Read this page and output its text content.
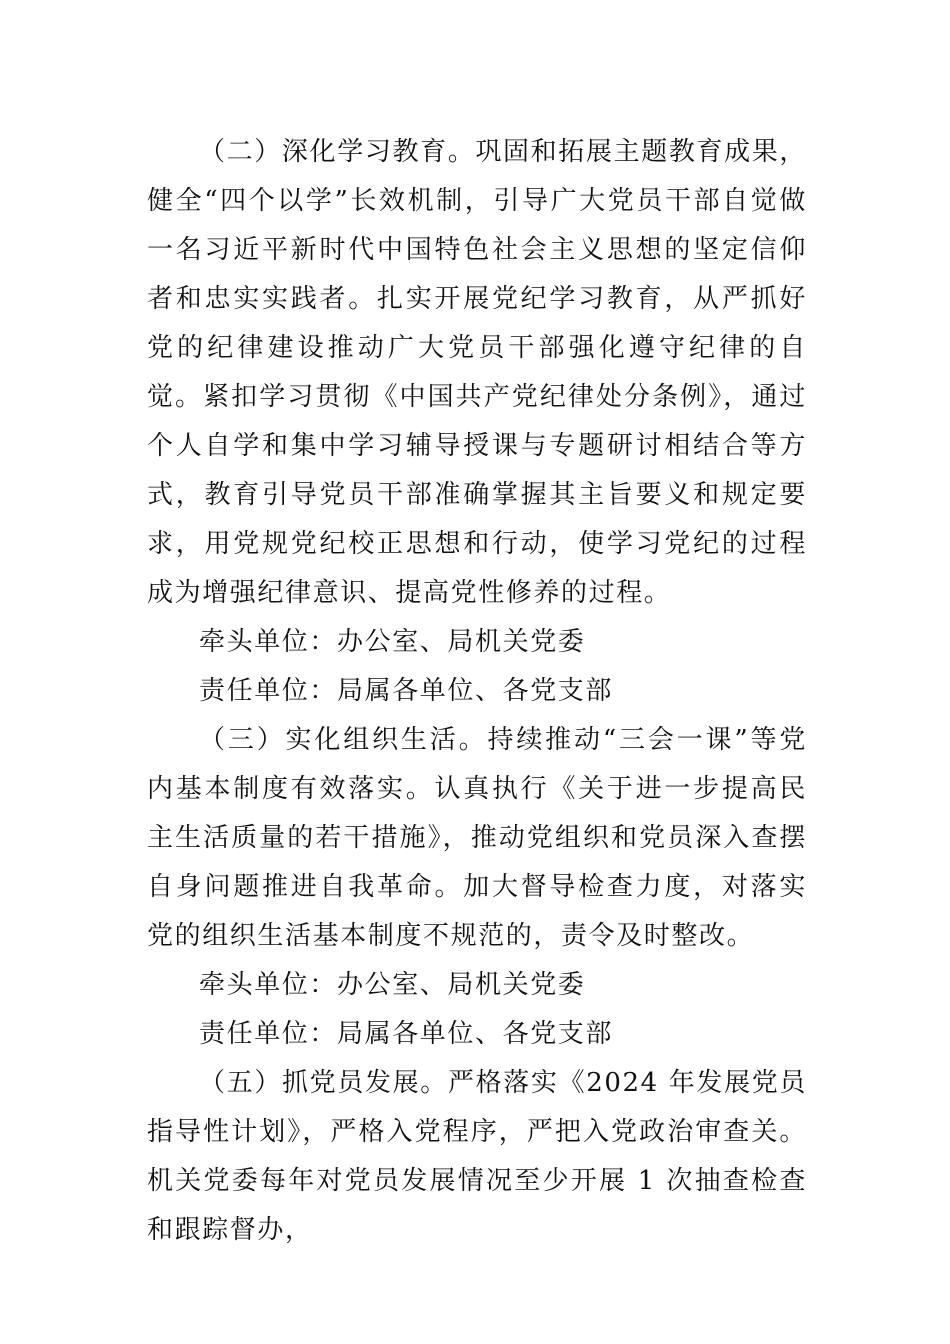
（二）深化学习教育。巩固和拓展主题教育成果，健全“四个以学”长效机制，引导广大党员干部自觉做一名习近平新时代中国特色社会主义思想的坚定信仰者和忠实实践者。扎实开展党纪学习教育，从严抓好党的纪律建设推动广大党员干部强化遵守纪律的自觉。紧扣学习贯彻《中国共产党纪律处分条例》，通过个人自学和集中学习辅导授课与专题研讨相结合等方式，教育引导党员干部准确掌握其主旨要义和规定要求，用党规党纪校正思想和行动，使学习党纪的过程成为增强纪律意识、提高党性修养的过程。

牵头单位：办公室、局机关党委

责任单位：局属各单位、各党支部

（三）实化组织生活。持续推动“三会一课”等党内基本制度有效落实。认真执行《关于进一步提高民主生活质量的若干措施》，推动党组织和党员深入查摆自身问题推进自我革命。加大督导检查力度，对落实党的组织生活基本制度不规范的，责令及时整改。

牵头单位：办公室、局机关党委

责任单位：局属各单位、各党支部

（五）抓党员发展。严格落实《2024 年发展党员指导性计划》，严格入党程序，严把入党政治审查关。机关党委每年对党员发展情况至少开展 1 次抽查检查和跟踪督办，
